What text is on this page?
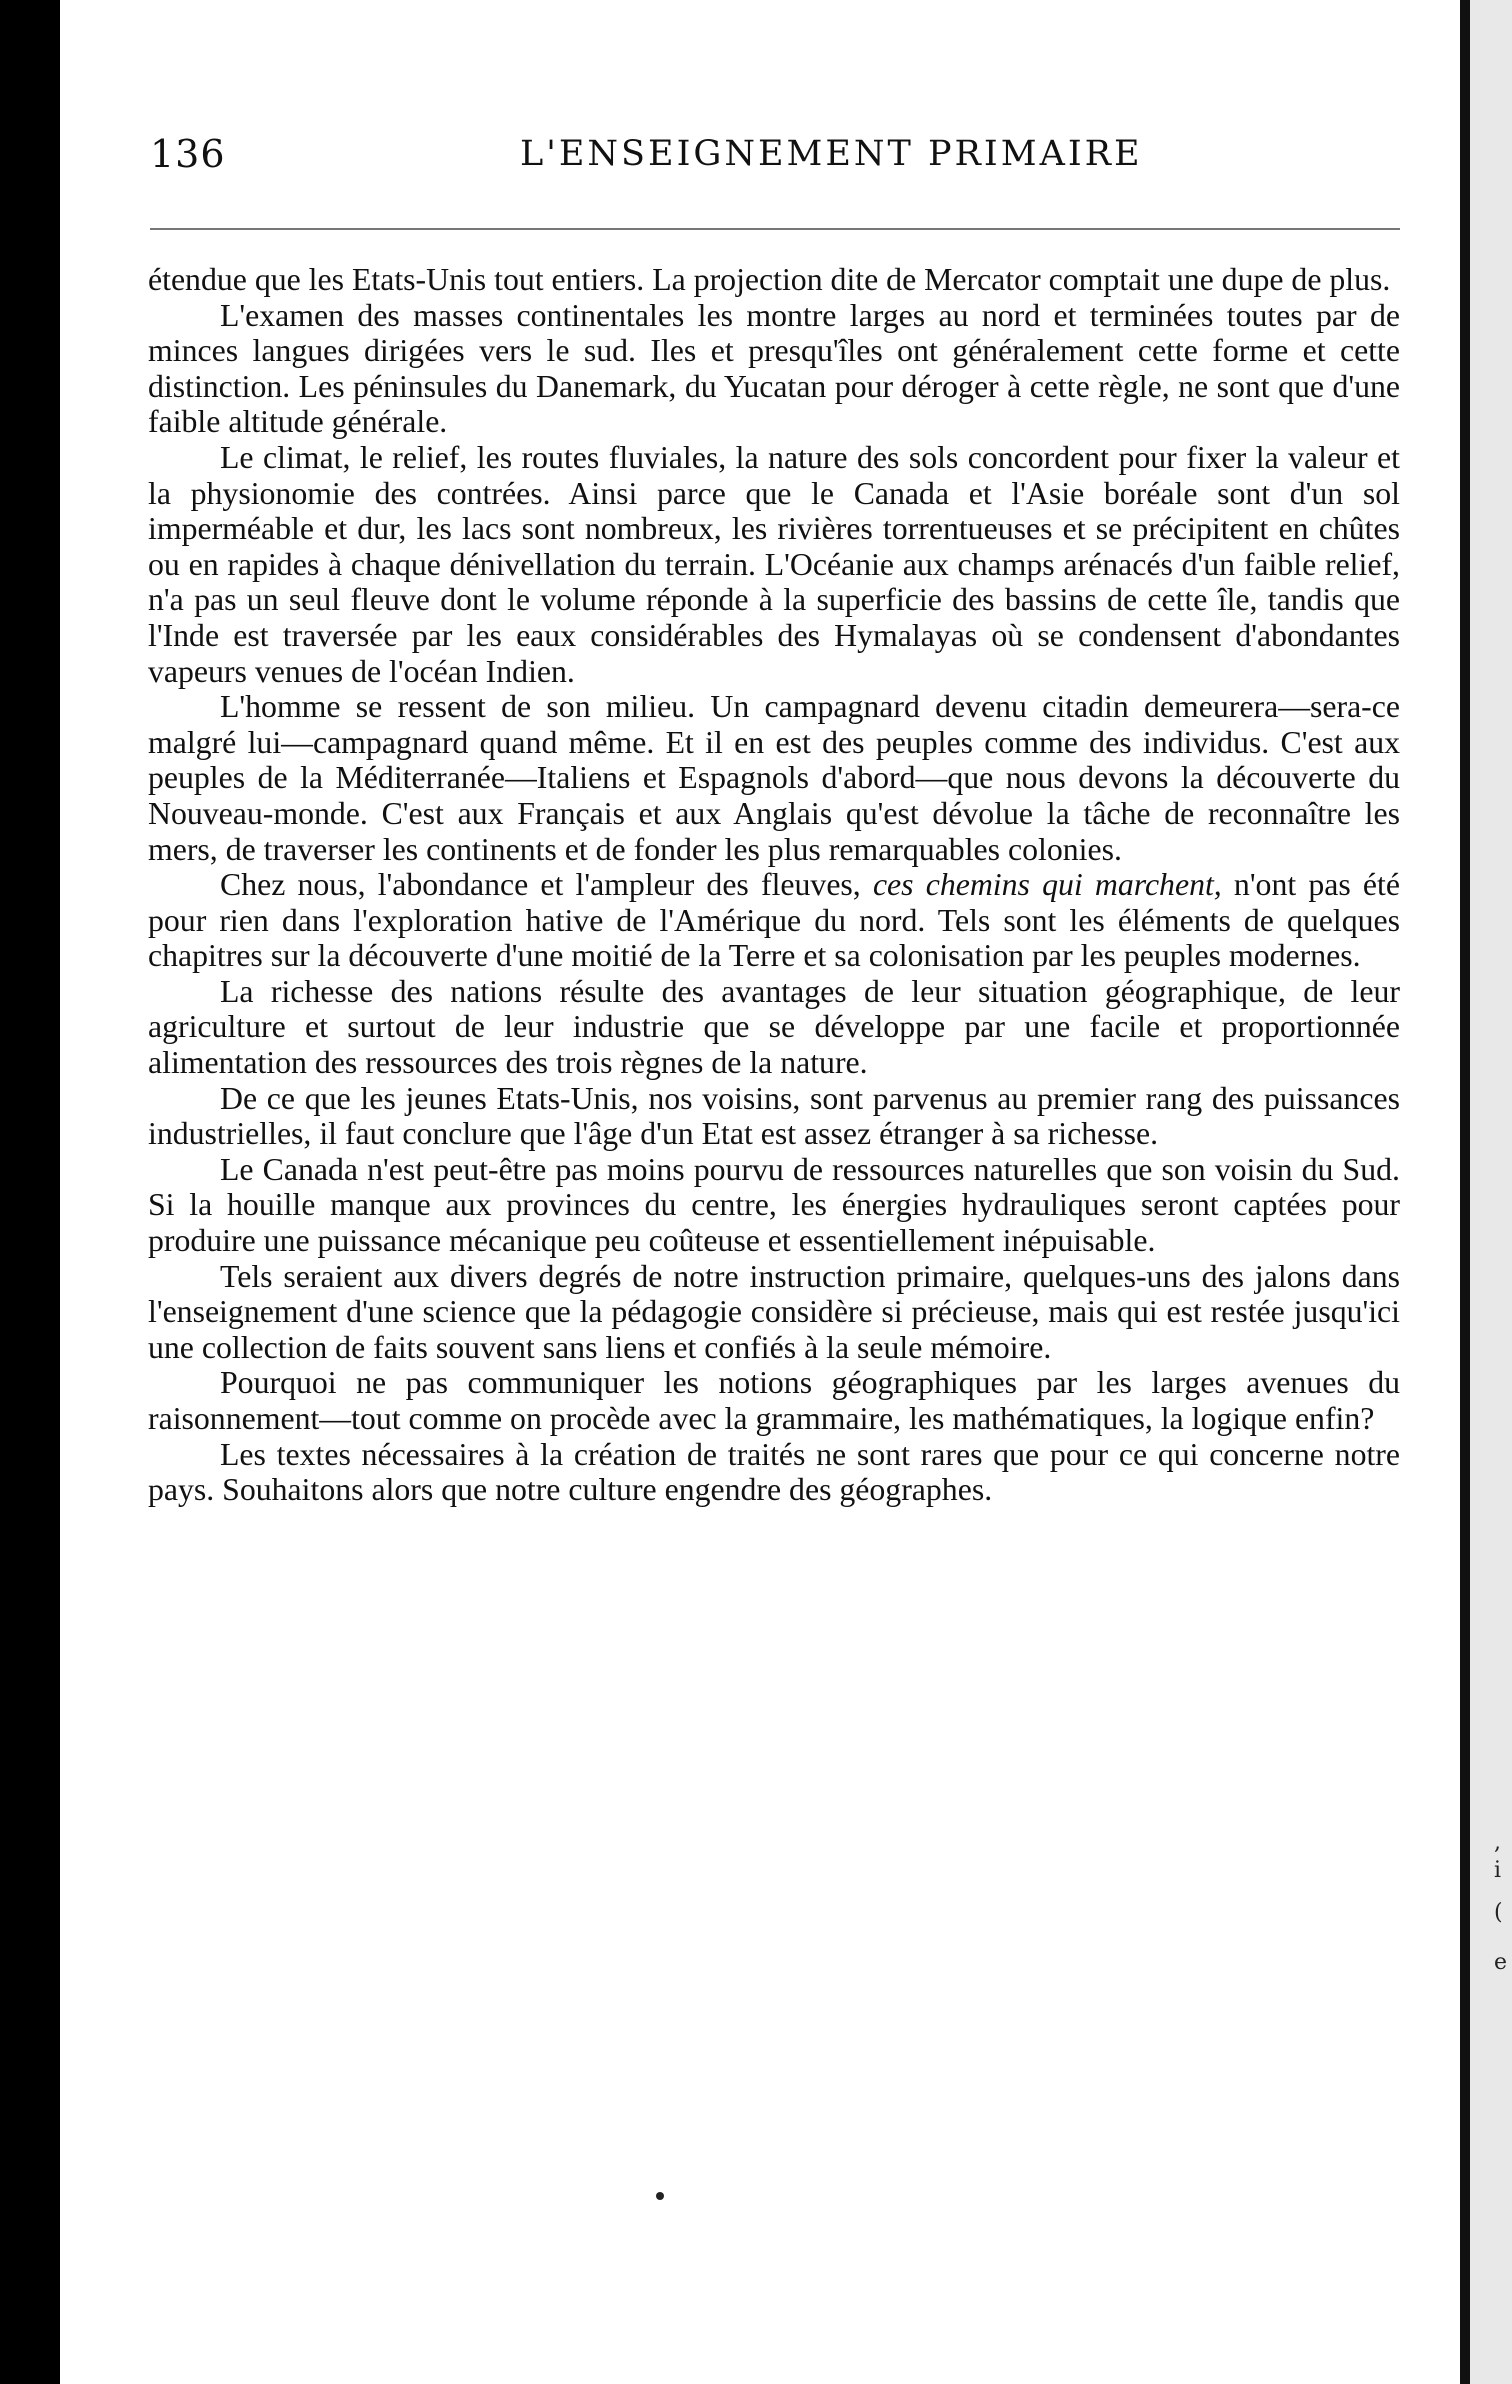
,
i
(
e
136	L'ENSEIGNEMENT PRIMAIRE

étendue que les Etats-Unis tout entiers. La projection dite de Mercator comptait une dupe de plus.

L'examen des masses continentales les montre larges au nord et terminées toutes par de minces langues dirigées vers le sud. Iles et presqu'îles ont généralement cette forme et cette distinction. Les péninsules du Danemark, du Yucatan pour déroger à cette règle, ne sont que d'une faible altitude générale.

Le climat, le relief, les routes fluviales, la nature des sols concordent pour fixer la valeur et la physionomie des contrées. Ainsi parce que le Canada et l'Asie boréale sont d'un sol imperméable et dur, les lacs sont nombreux, les rivières torrentueuses et se précipitent en chûtes ou en rapides à chaque dénivellation du terrain. L'Océanie aux champs arénacés d'un faible relief, n'a pas un seul fleuve dont le volume réponde à la superficie des bassins de cette île, tandis que l'Inde est traversée par les eaux considérables des Hymalayas où se condensent d'abondantes vapeurs venues de l'océan Indien.

L'homme se ressent de son milieu. Un campagnard devenu citadin demeurera—sera-ce malgré lui—campagnard quand même. Et il en est des peuples comme des individus. C'est aux peuples de la Méditerranée—Italiens et Espagnols d'abord—que nous devons la découverte du Nouveau-monde. C'est aux Français et aux Anglais qu'est dévolue la tâche de reconnaître les mers, de traverser les continents et de fonder les plus remarquables colonies.

Chez nous, l'abondance et l'ampleur des fleuves, ces chemins qui marchent, n'ont pas été pour rien dans l'exploration hative de l'Amérique du nord. Tels sont les éléments de quelques chapitres sur la découverte d'une moitié de la Terre et sa colonisation par les peuples modernes.

La richesse des nations résulte des avantages de leur situation géographique, de leur agriculture et surtout de leur industrie que se développe par une facile et proportionnée alimentation des ressources des trois règnes de la nature.

De ce que les jeunes Etats-Unis, nos voisins, sont parvenus au premier rang des puissances industrielles, il faut conclure que l'âge d'un Etat est assez étranger à sa richesse.

Le Canada n'est peut-être pas moins pourvu de ressources naturelles que son voisin du Sud. Si la houille manque aux provinces du centre, les énergies hydrauliques seront captées pour produire une puissance mécanique peu coûteuse et essentiellement inépuisable.

Tels seraient aux divers degrés de notre instruction primaire, quelques-uns des jalons dans l'enseignement d'une science que la pédagogie considère si précieuse, mais qui est restée jusqu'ici une collection de faits souvent sans liens et confiés à la seule mémoire.

Pourquoi ne pas communiquer les notions géographiques par les larges avenues du raisonnement—tout comme on procède avec la grammaire, les mathématiques, la logique enfin?

Les textes nécessaires à la création de traités ne sont rares que pour ce qui concerne notre pays. Souhaitons alors que notre culture engendre des géographes.
